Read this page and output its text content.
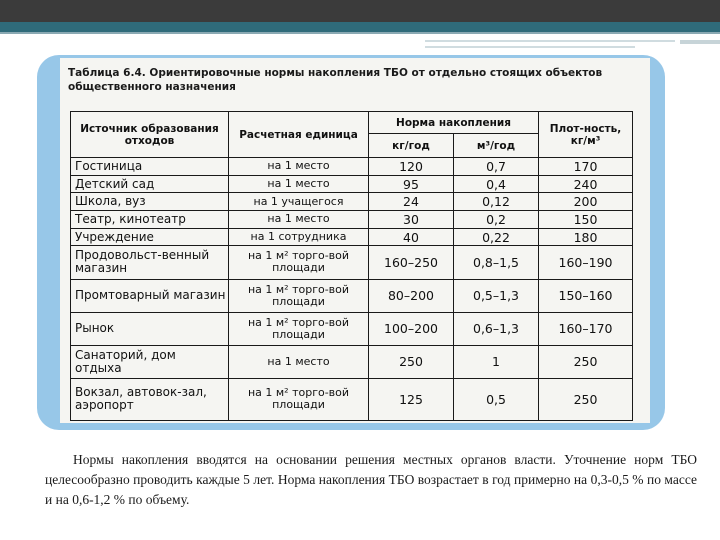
Таблица 6.4. Ориентировочные нормы накопления ТБО от отдельно стоящих объектов общественного назначения
Источник образования отходов	Расчетная единица	Норма накопления		Плот-ность, кг/м³
		кг/год	м³/год	
Гостиница	на 1 место	120	0,7	170
Детский сад	на 1 место	95	0,4	240
Школа, вуз	на 1 учащегося	24	0,12	200
Театр, кинотеатр	на 1 место	30	0,2	150
Учреждение	на 1 сотрудника	40	0,22	180
Продовольст-венный магазин	на 1 м² торго-вой площади	160–250	0,8–1,5	160–190
Промтоварный магазин	на 1 м² торго-вой площади	80–200	0,5–1,3	150–160
Рынок	на 1 м² торго-вой площади	100–200	0,6–1,3	160–170
Санаторий, дом отдыха	на 1 место	250	1	250
Вокзал, автовок-зал, аэропорт	на 1 м² торго-вой площади	125	0,5	250
Нормы накопления вводятся на основании решения местных органов власти. Уточнение норм ТБО целесообразно проводить каждые 5 лет. Норма накопления ТБО возрастает в год примерно на 0,3-0,5 % по массе и на 0,6-1,2 % по объему.
